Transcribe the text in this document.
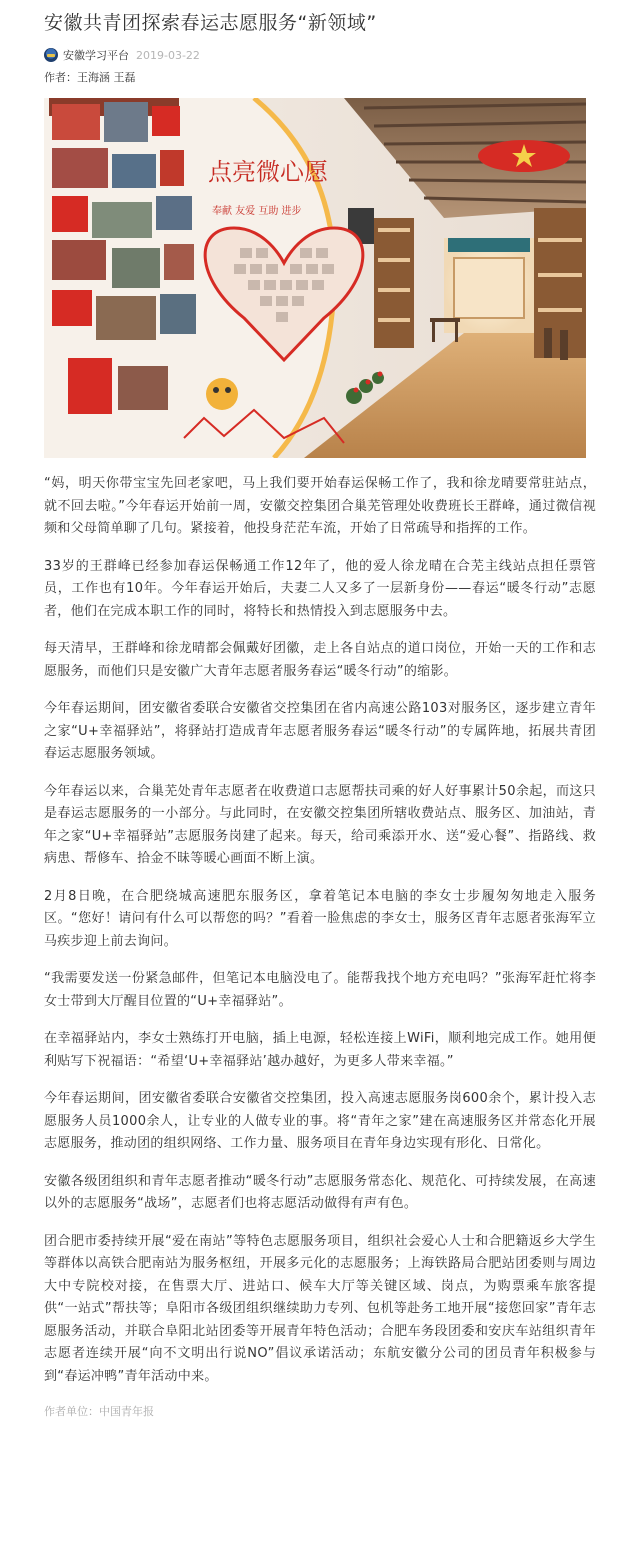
安徽共青团探索春运志愿服务“新领域”
安徽学习平台 2019-03-22
作者：王海涵 王磊
点亮微心愿
奉献 友爱 互助 进步

“妈，明天你带宝宝先回老家吧，马上我们要开始春运保畅工作了，我和徐龙晴要常驻站点，就不回去啦。”今年春运开始前一周，安徽交控集团合巢芜管理处收费班长王群峰，通过微信视频和父母简单聊了几句。紧接着，他投身茫茫车流，开始了日常疏导和指挥的工作。

33岁的王群峰已经参加春运保畅通工作12年了，他的爱人徐龙晴在合芜主线站点担任票管员，工作也有10年。今年春运开始后，夫妻二人又多了一层新身份——春运“暖冬行动”志愿者，他们在完成本职工作的同时，将特长和热情投入到志愿服务中去。

每天清早，王群峰和徐龙晴都会佩戴好团徽，走上各自站点的道口岗位，开始一天的工作和志愿服务，而他们只是安徽广大青年志愿者服务春运“暖冬行动”的缩影。

今年春运期间，团安徽省委联合安徽省交控集团在省内高速公路103对服务区，逐步建立青年之家“U+幸福驿站”，将驿站打造成青年志愿者服务春运“暖冬行动”的专属阵地，拓展共青团春运志愿服务领域。

今年春运以来，合巢芜处青年志愿者在收费道口志愿帮扶司乘的好人好事累计50余起，而这只是春运志愿服务的一小部分。与此同时，在安徽交控集团所辖收费站点、服务区、加油站，青年之家“U+幸福驿站”志愿服务岗建了起来。每天，给司乘添开水、送“爱心餐”、指路线、救病患、帮修车、拾金不昧等暖心画面不断上演。

2月8日晚，在合肥绕城高速肥东服务区，拿着笔记本电脑的李女士步履匆匆地走入服务区。“您好！请问有什么可以帮您的吗？”看着一脸焦虑的李女士，服务区青年志愿者张海军立马疾步迎上前去询问。

“我需要发送一份紧急邮件，但笔记本电脑没电了。能帮我找个地方充电吗？”张海军赶忙将李女士带到大厅醒目位置的“U+幸福驿站”。

在幸福驿站内，李女士熟练打开电脑，插上电源，轻松连接上WiFi，顺利地完成工作。她用便利贴写下祝福语：“希望‘U+幸福驿站’越办越好，为更多人带来幸福。”

今年春运期间，团安徽省委联合安徽省交控集团，投入高速志愿服务岗600余个，累计投入志愿服务人员1000余人，让专业的人做专业的事。将“青年之家”建在高速服务区并常态化开展志愿服务，推动团的组织网络、工作力量、服务项目在青年身边实现有形化、日常化。

安徽各级团组织和青年志愿者推动“暖冬行动”志愿服务常态化、规范化、可持续发展，在高速以外的志愿服务“战场”，志愿者们也将志愿活动做得有声有色。

团合肥市委持续开展“爱在南站”等特色志愿服务项目，组织社会爱心人士和合肥籍返乡大学生等群体以高铁合肥南站为服务枢纽，开展多元化的志愿服务；上海铁路局合肥站团委则与周边大中专院校对接，在售票大厅、进站口、候车大厅等关键区域、岗点，为购票乘车旅客提供“一站式”帮扶等；阜阳市各级团组织继续助力专列、包机等赴务工地开展“接您回家”青年志愿服务活动，并联合阜阳北站团委等开展青年特色活动；合肥车务段团委和安庆车站组织青年志愿者连续开展“向不文明出行说NO”倡议承诺活动；东航安徽分公司的团员青年积极参与到“春运冲鸭”青年活动中来。

作者单位：中国青年报
